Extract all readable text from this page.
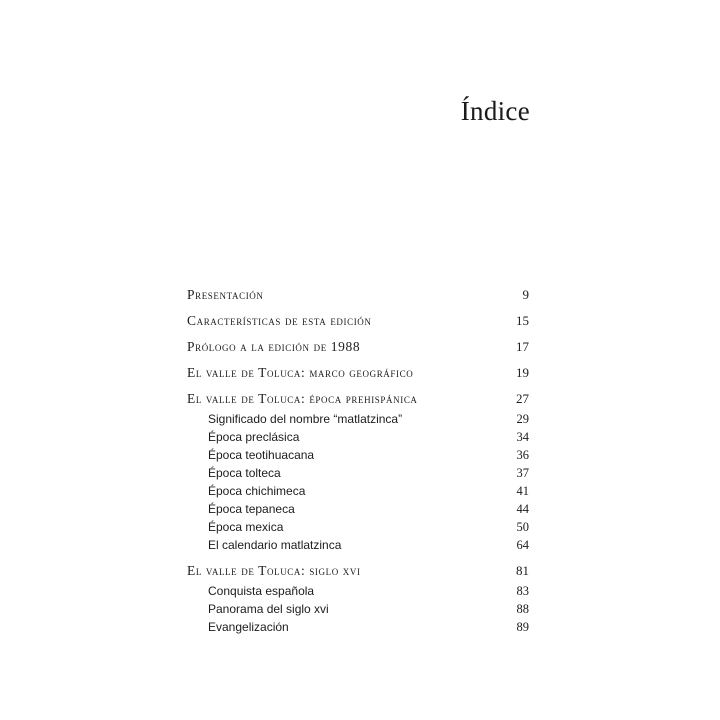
Índice
Presentación	9
Características de esta edición	15
Prólogo a la edición de 1988	17
El valle de Toluca: marco geográfico	19
El valle de Toluca: época prehispánica	27
Significado del nombre “matlatzinca”	29
Época preclásica	34
Época teotihuacana	36
Época tolteca	37
Época chichimeca	41
Época tepaneca	44
Época mexica	50
El calendario matlatzinca	64
El valle de Toluca: siglo xvi	81
Conquista española	83
Panorama del siglo xvi	88
Evangelización	89
